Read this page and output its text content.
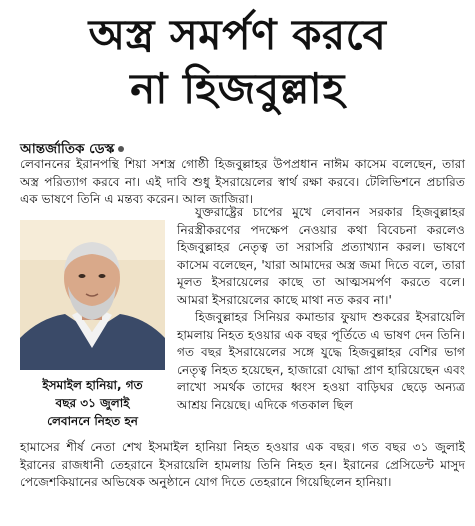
অস্ত্র সমর্পণ করবে
না হিজবুল্লাহ
আন্তর্জাতিক ডেস্ক

লেবাননের ইরানপন্থি শিয়া সশস্ত্র গোষ্ঠী হিজবুল্লাহর উপপ্রধান নাঈম কাসেম বলেছেন, তারা অস্ত্র পরিত্যাগ করবে না। এই দাবি শুধু ইসরায়েলের স্বার্থ রক্ষা করবে। টেলিভিশনে প্রচারিত এক ভাষণে তিনি এ মন্তব্য করেন। আল জাজিরা।

ইসমাইল হানিয়া, গত
বছর ৩১ জুলাই
লেবাননে নিহত হন

যুক্তরাষ্ট্রের চাপের মুখে লেবানন সরকার হিজবুল্লাহর নিরস্ত্রীকরণের পদক্ষেপ নেওয়ার কথা বিবেচনা করলেও হিজবুল্লাহর নেতৃত্ব তা সরাসরি প্রত্যাখ্যান করল। ভাষণে কাসেম বলেছেন, 'যারা আমাদের অস্ত্র জমা দিতে বলে, তারা মূলত ইসরায়েলের কাছে তা আত্মসমর্পণ করতে বলে। আমরা ইসরায়েলের কাছে মাথা নত করব না।'

হিজবুল্লাহর সিনিয়র কমান্ডার ফুয়াদ শুকরের ইসরায়েলি হামলায় নিহত হওয়ার এক বছর পূর্তিতে এ ভাষণ দেন তিনি। গত বছর ইসরায়েলের সঙ্গে যুদ্ধে হিজবুল্লাহর বেশির ভাগ নেতৃত্ব নিহত হয়েছেন, হাজারো যোদ্ধা প্রাণ হারিয়েছেন এবং লাখো সমর্থক তাদের ধ্বংস হওয়া বাড়িঘর ছেড়ে অন্যত্র আশ্রয় নিয়েছে। এদিকে গতকাল ছিল

হামাসের শীর্ষ নেতা শেখ ইসমাইল হানিয়া নিহত হওয়ার এক বছর। গত বছর ৩১ জুলাই ইরানের রাজধানী তেহরানে ইসরায়েলি হামলায় তিনি নিহত হন। ইরানের প্রেসিডেন্ট মাসুদ পেজেশকিয়ানের অভিষেক অনুষ্ঠানে যোগ দিতে তেহরানে গিয়েছিলেন হানিয়া।
